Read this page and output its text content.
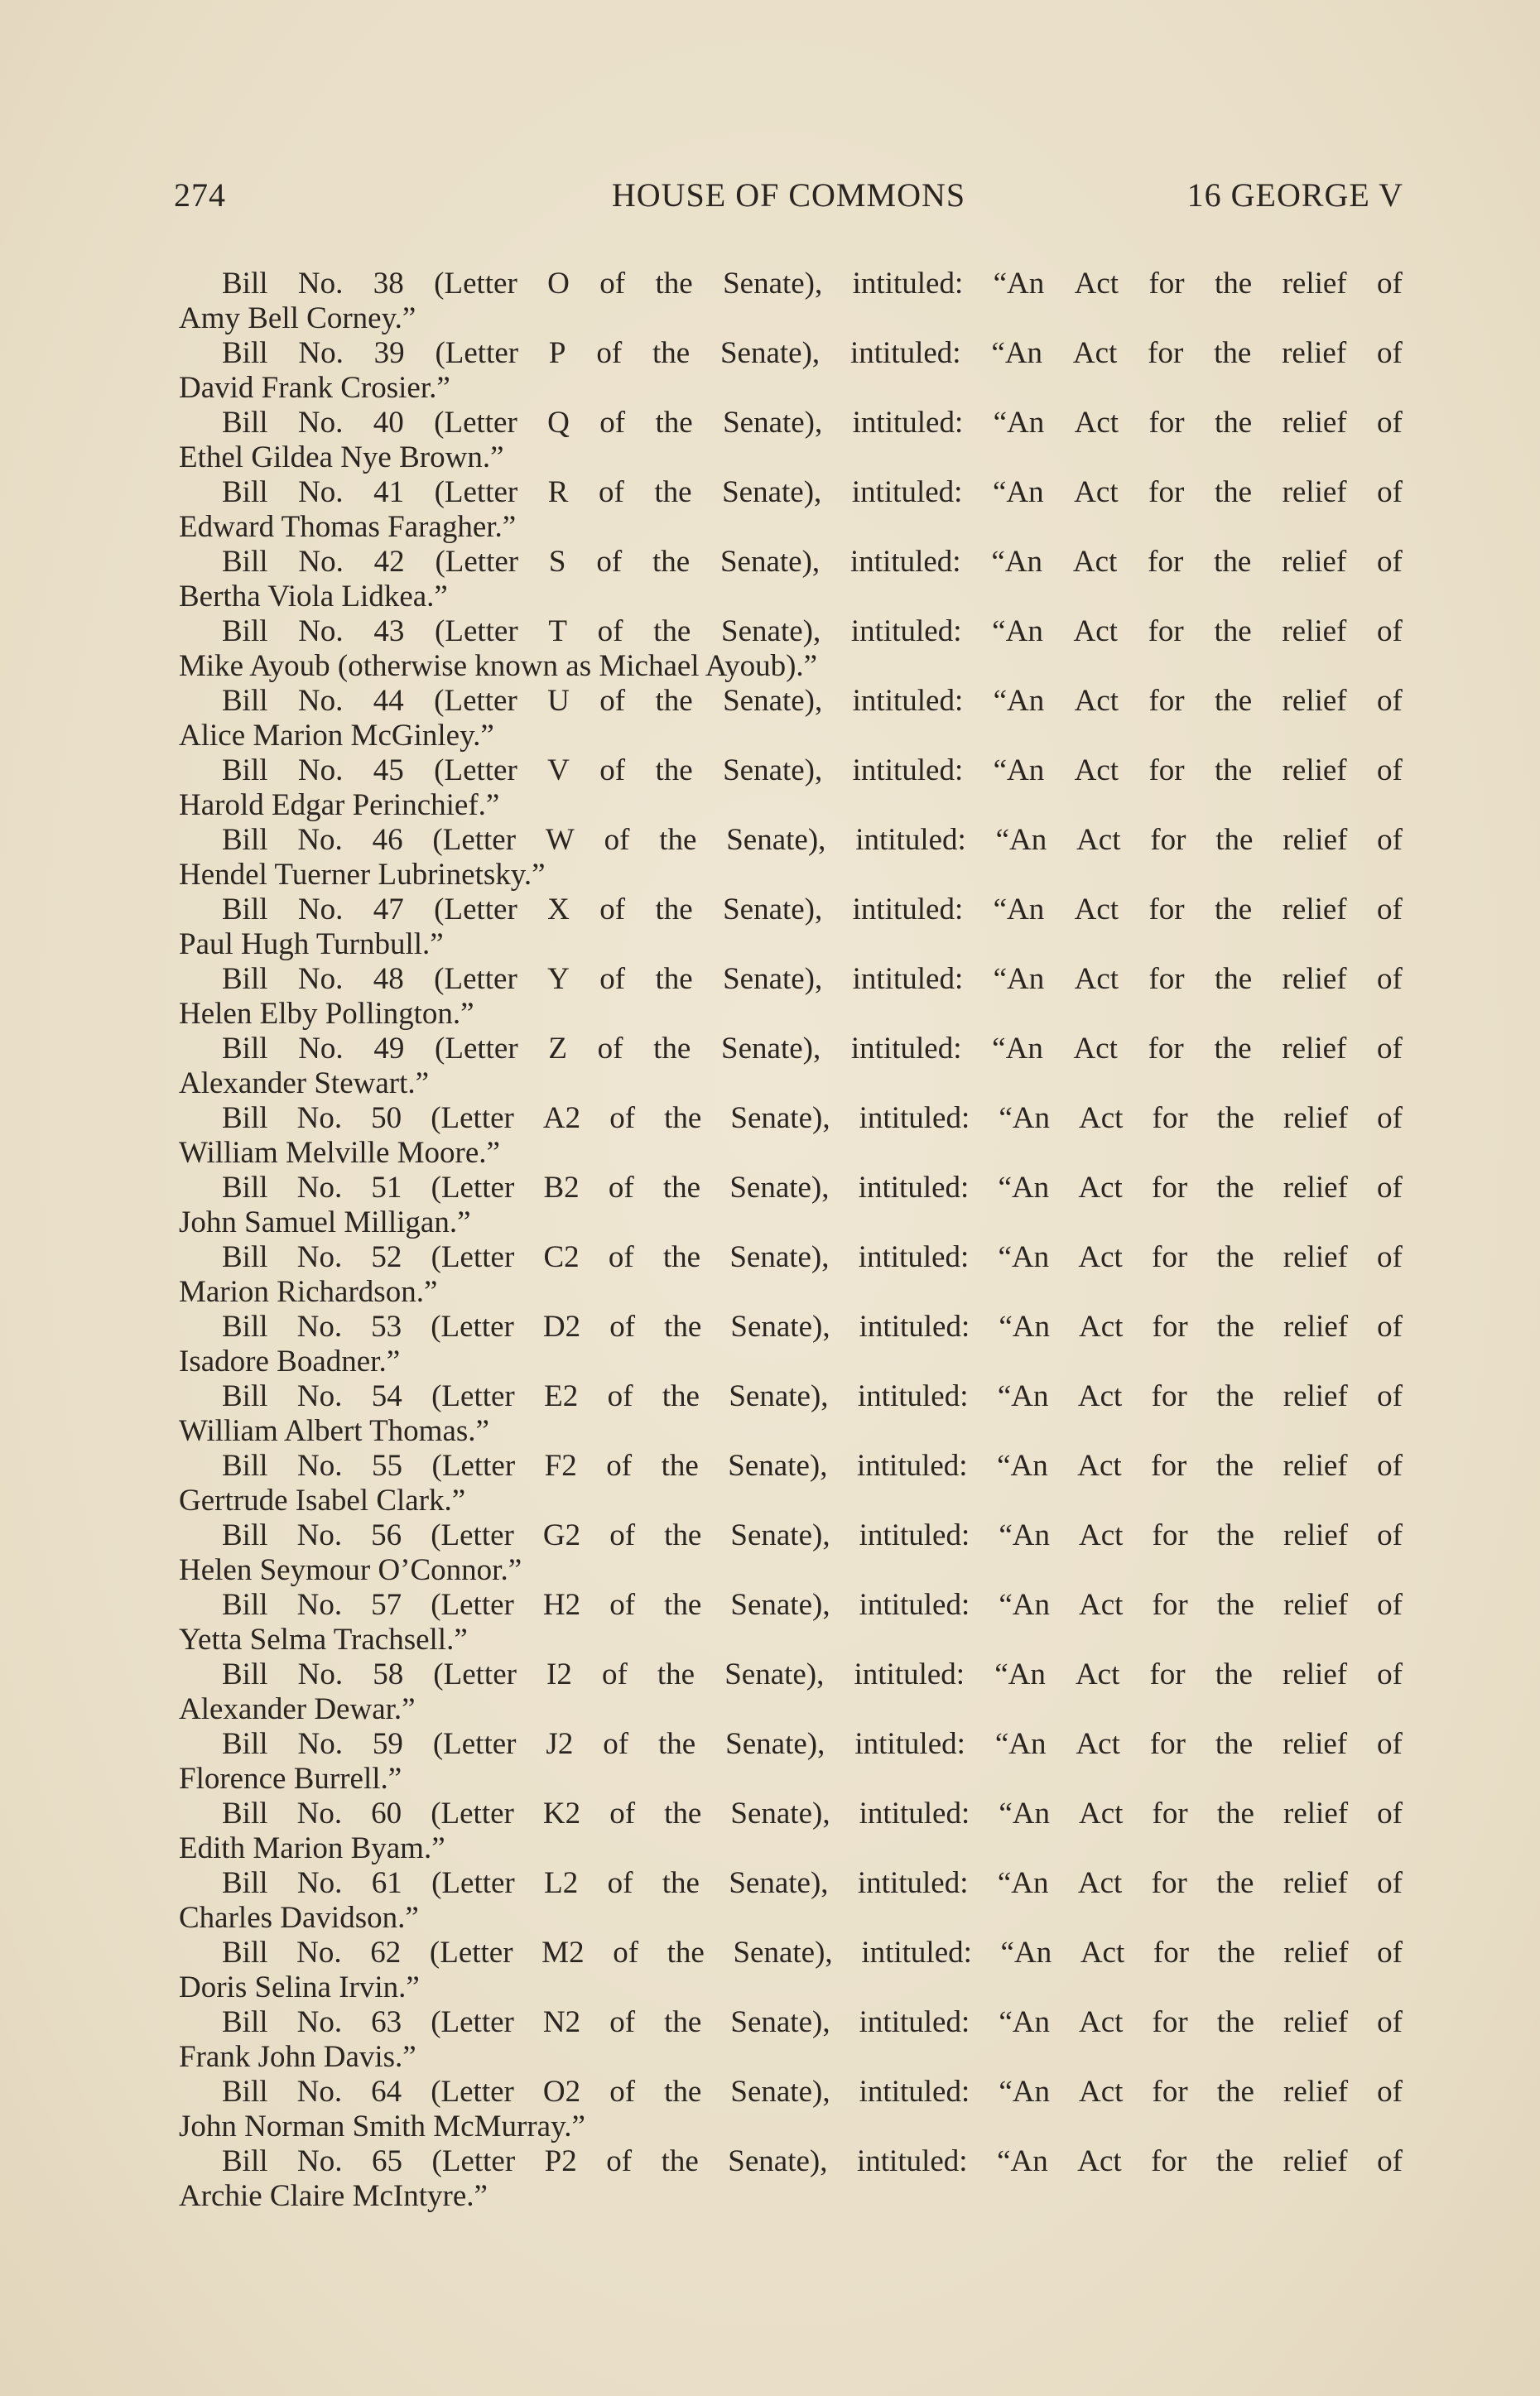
274	HOUSE OF COMMONS	16 GEORGE V
Bill No. 38 (Letter O of the Senate), intituled: “An Act for the relief of
Amy Bell Corney.”
Bill No. 39 (Letter P of the Senate), intituled: “An Act for the relief of
David Frank Crosier.”
Bill No. 40 (Letter Q of the Senate), intituled: “An Act for the relief of
Ethel Gildea Nye Brown.”
Bill No. 41 (Letter R of the Senate), intituled: “An Act for the relief of
Edward Thomas Faragher.”
Bill No. 42 (Letter S of the Senate), intituled: “An Act for the relief of
Bertha Viola Lidkea.”
Bill No. 43 (Letter T of the Senate), intituled: “An Act for the relief of
Mike Ayoub (otherwise known as Michael Ayoub).”
Bill No. 44 (Letter U of the Senate), intituled: “An Act for the relief of
Alice Marion McGinley.”
Bill No. 45 (Letter V of the Senate), intituled: “An Act for the relief of
Harold Edgar Perinchief.”
Bill No. 46 (Letter W of the Senate), intituled: “An Act for the relief of
Hendel Tuerner Lubrinetsky.”
Bill No. 47 (Letter X of the Senate), intituled: “An Act for the relief of
Paul Hugh Turnbull.”
Bill No. 48 (Letter Y of the Senate), intituled: “An Act for the relief of
Helen Elby Pollington.”
Bill No. 49 (Letter Z of the Senate), intituled: “An Act for the relief of
Alexander Stewart.”
Bill No. 50 (Letter A2 of the Senate), intituled: “An Act for the relief of
William Melville Moore.”
Bill No. 51 (Letter B2 of the Senate), intituled: “An Act for the relief of
John Samuel Milligan.”
Bill No. 52 (Letter C2 of the Senate), intituled: “An Act for the relief of
Marion Richardson.”
Bill No. 53 (Letter D2 of the Senate), intituled: “An Act for the relief of
Isadore Boadner.”
Bill No. 54 (Letter E2 of the Senate), intituled: “An Act for the relief of
William Albert Thomas.”
Bill No. 55 (Letter F2 of the Senate), intituled: “An Act for the relief of
Gertrude Isabel Clark.”
Bill No. 56 (Letter G2 of the Senate), intituled: “An Act for the relief of
Helen Seymour O’Connor.”
Bill No. 57 (Letter H2 of the Senate), intituled: “An Act for the relief of
Yetta Selma Trachsell.”
Bill No. 58 (Letter I2 of the Senate), intituled: “An Act for the relief of
Alexander Dewar.”
Bill No. 59 (Letter J2 of the Senate), intituled: “An Act for the relief of
Florence Burrell.”
Bill No. 60 (Letter K2 of the Senate), intituled: “An Act for the relief of
Edith Marion Byam.”
Bill No. 61 (Letter L2 of the Senate), intituled: “An Act for the relief of
Charles Davidson.”
Bill No. 62 (Letter M2 of the Senate), intituled: “An Act for the relief of
Doris Selina Irvin.”
Bill No. 63 (Letter N2 of the Senate), intituled: “An Act for the relief of
Frank John Davis.”
Bill No. 64 (Letter O2 of the Senate), intituled: “An Act for the relief of
John Norman Smith McMurray.”
Bill No. 65 (Letter P2 of the Senate), intituled: “An Act for the relief of
Archie Claire McIntyre.”
